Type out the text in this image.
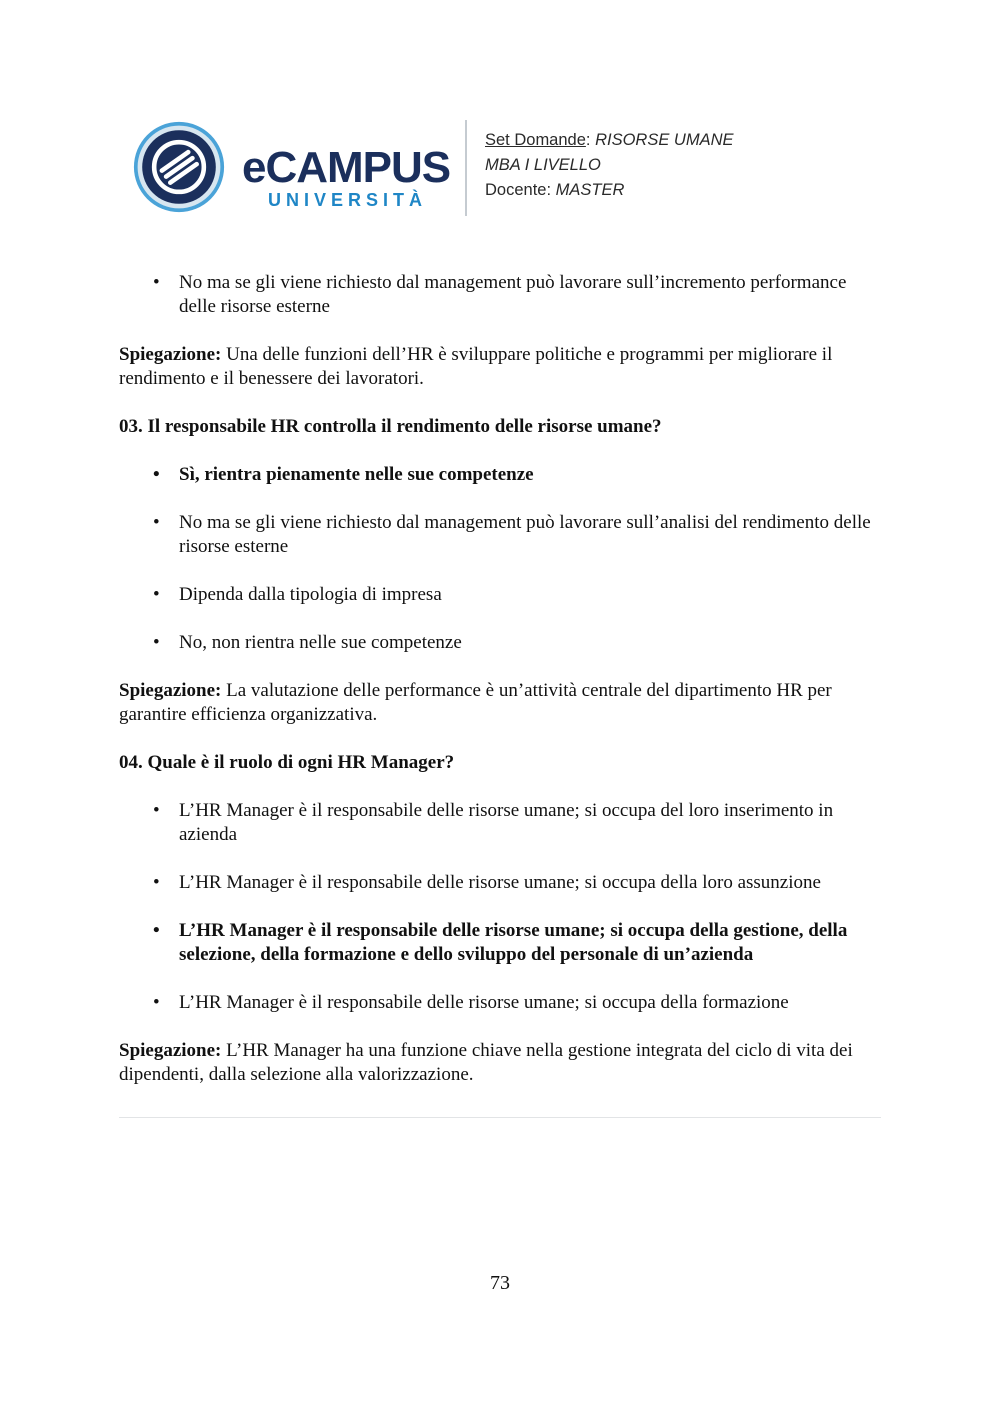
eCAMPUS
UNIVERSITÀ
Set Domande: RISORSE UMANE
MBA I LIVELLO
Docente: MASTER
• No ma se gli viene richiesto dal management può lavorare sull’incremento performance delle risorse esterne

Spiegazione: Una delle funzioni dell’HR è sviluppare politiche e programmi per migliorare il rendimento e il benessere dei lavoratori.

03. Il responsabile HR controlla il rendimento delle risorse umane?

• Sì, rientra pienamente nelle sue competenze
• No ma se gli viene richiesto dal management può lavorare sull’analisi del rendimento delle risorse esterne
• Dipenda dalla tipologia di impresa
• No, non rientra nelle sue competenze

Spiegazione: La valutazione delle performance è un’attività centrale del dipartimento HR per garantire efficienza organizzativa.

04. Quale è il ruolo di ogni HR Manager?

• L’HR Manager è il responsabile delle risorse umane; si occupa del loro inserimento in azienda
• L’HR Manager è il responsabile delle risorse umane; si occupa della loro assunzione
• L’HR Manager è il responsabile delle risorse umane; si occupa della gestione, della selezione, della formazione e dello sviluppo del personale di un’azienda
• L’HR Manager è il responsabile delle risorse umane; si occupa della formazione

Spiegazione: L’HR Manager ha una funzione chiave nella gestione integrata del ciclo di vita dei dipendenti, dalla selezione alla valorizzazione.

73
